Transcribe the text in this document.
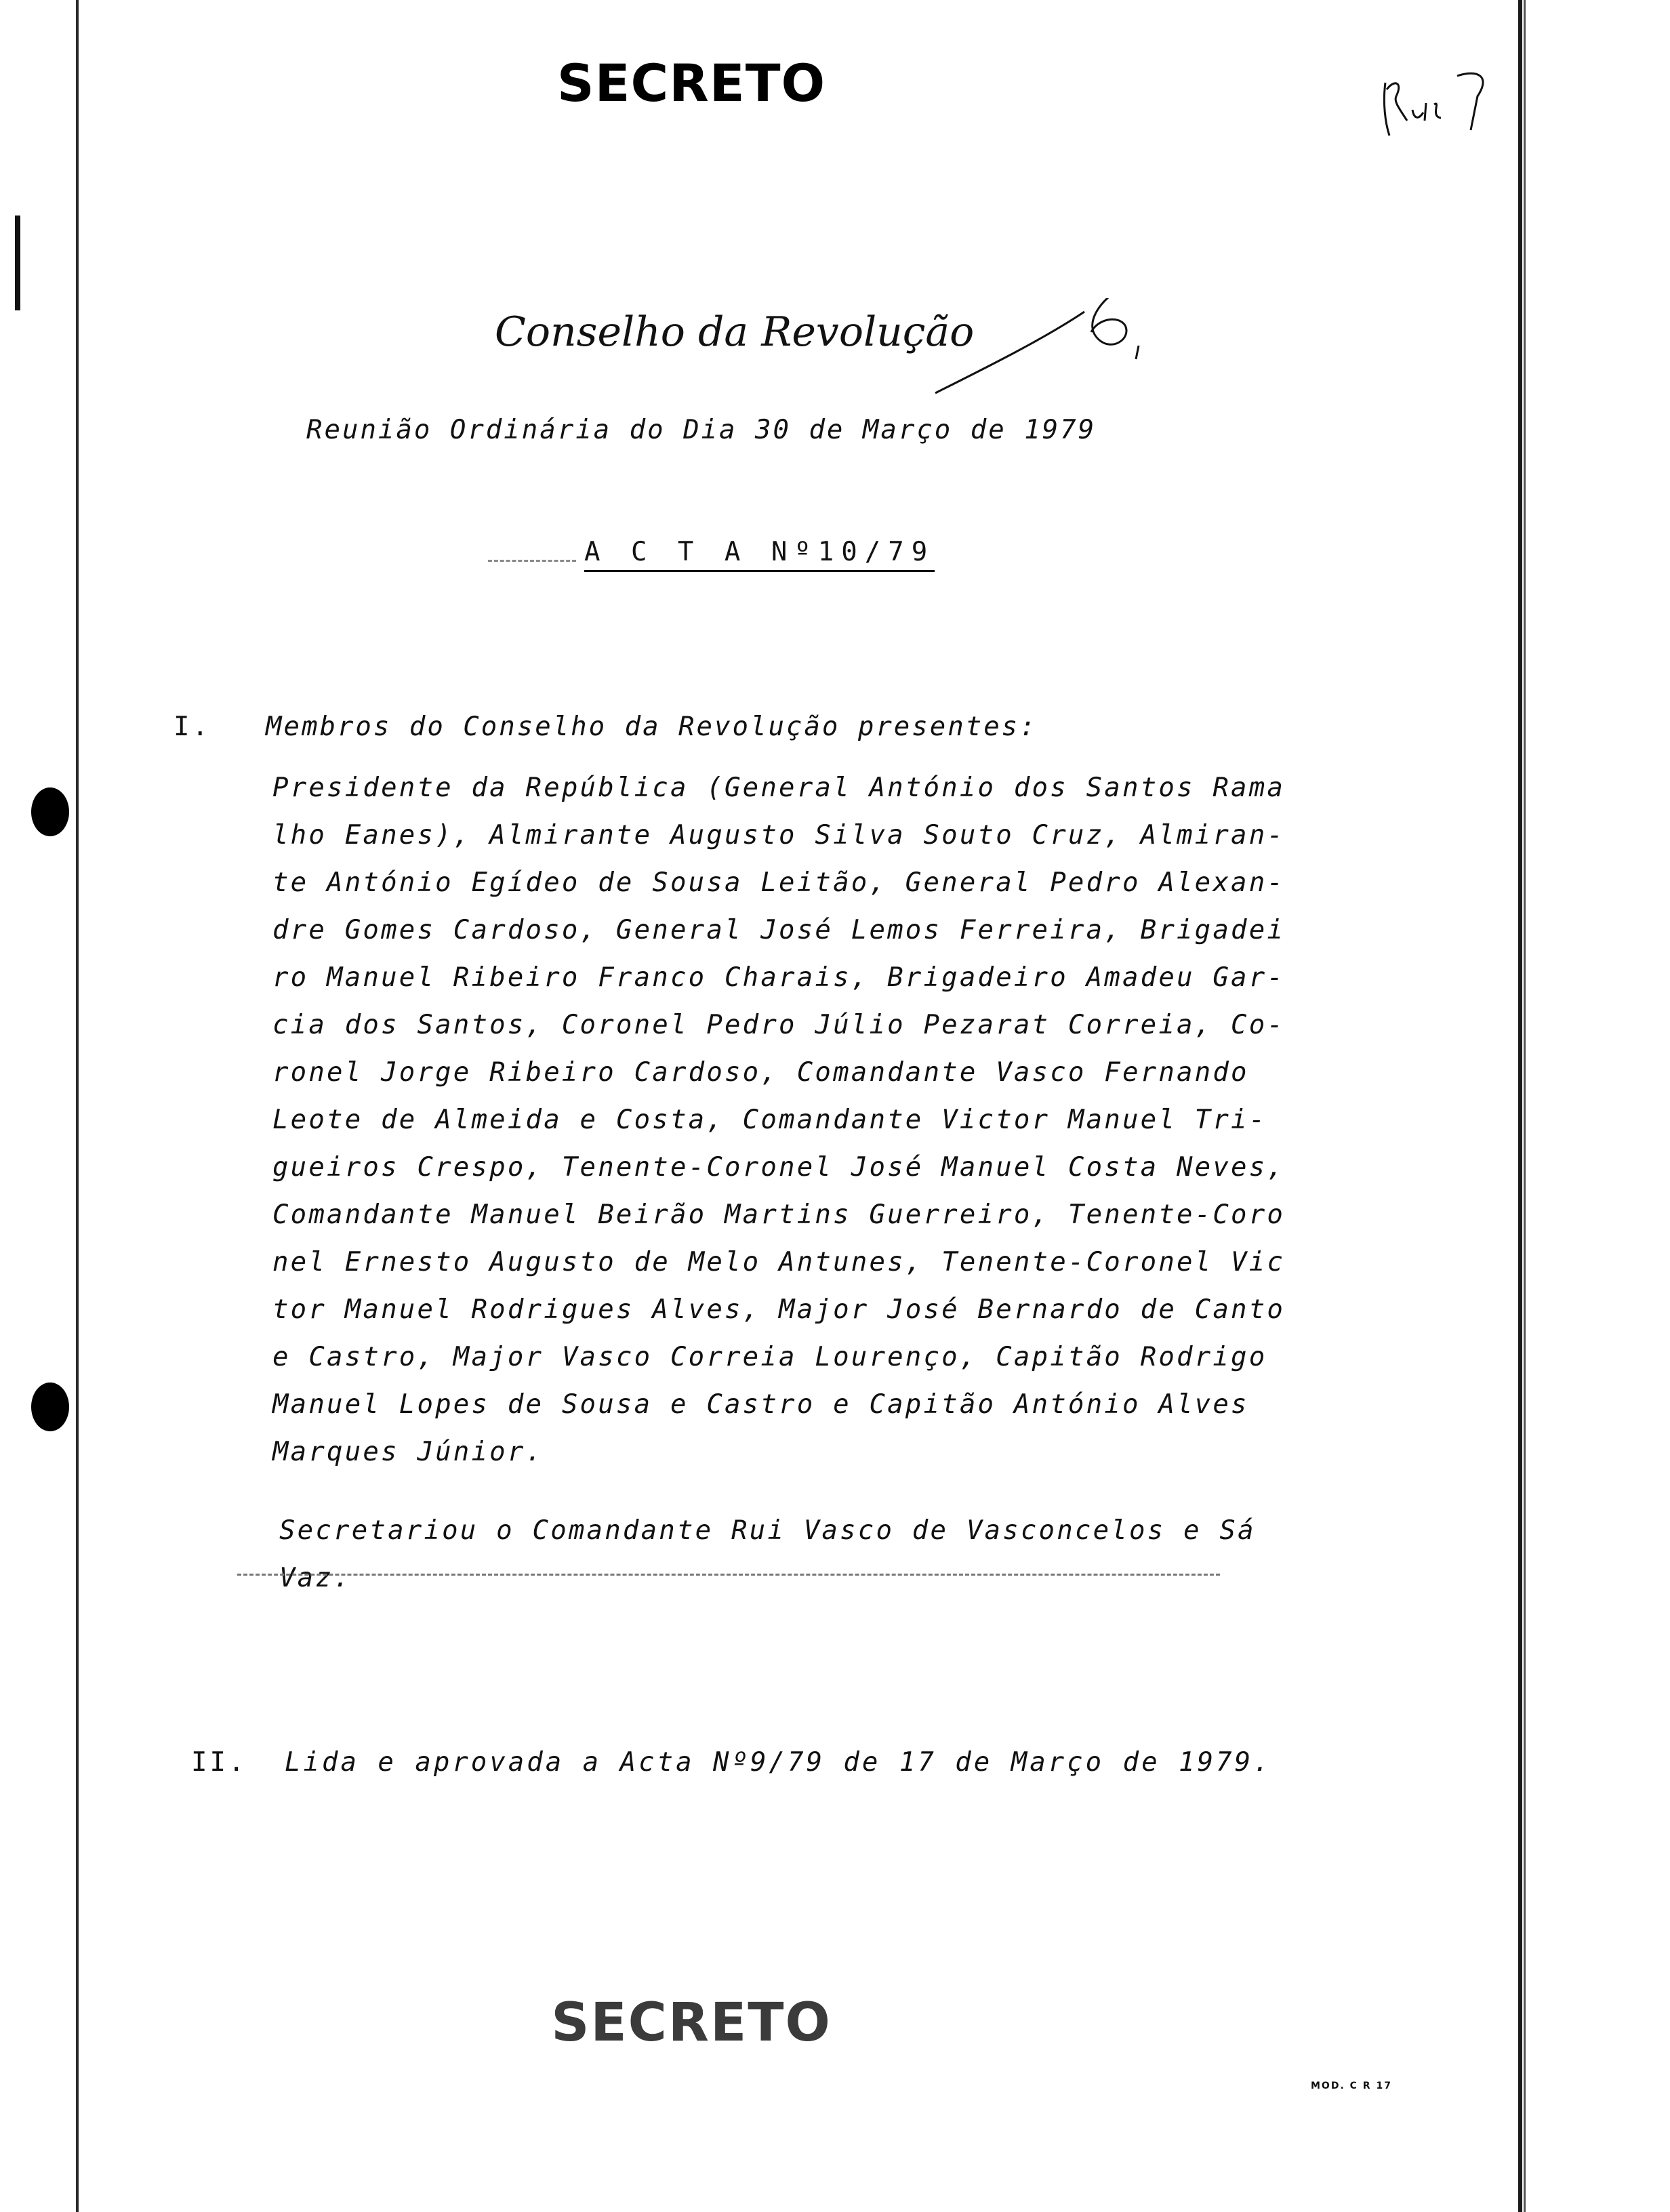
SECRETO
Conselho da Revolução
Reunião Ordinária do Dia 30 de Março de 1979
A C T A Nº10/79
I. Membros do Conselho da Revolução presentes:
Presidente da República (General António dos Santos Rama
lho Eanes), Almirante Augusto Silva Souto Cruz, Almiran-
te António Egídeo de Sousa Leitão, General Pedro Alexan-
dre Gomes Cardoso, General José Lemos Ferreira, Brigadei
ro Manuel Ribeiro Franco Charais, Brigadeiro Amadeu Gar-
cia dos Santos, Coronel Pedro Júlio Pezarat Correia, Co-
ronel Jorge Ribeiro Cardoso, Comandante Vasco Fernando
Leote de Almeida e Costa, Comandante Victor Manuel Tri-
gueiros Crespo, Tenente-Coronel José Manuel Costa Neves,
Comandante Manuel Beirão Martins Guerreiro, Tenente-Coro
nel Ernesto Augusto de Melo Antunes, Tenente-Coronel Vic
tor Manuel Rodrigues Alves, Major José Bernardo de Canto
e Castro, Major Vasco Correia Lourenço, Capitão Rodrigo
Manuel Lopes de Sousa e Castro e Capitão António Alves
Marques Júnior.
Secretariou o Comandante Rui Vasco de Vasconcelos e Sá
Vaz.
II. Lida e aprovada a Acta Nº9/79 de 17 de Março de 1979.
SECRETO
MOD. C R 17
